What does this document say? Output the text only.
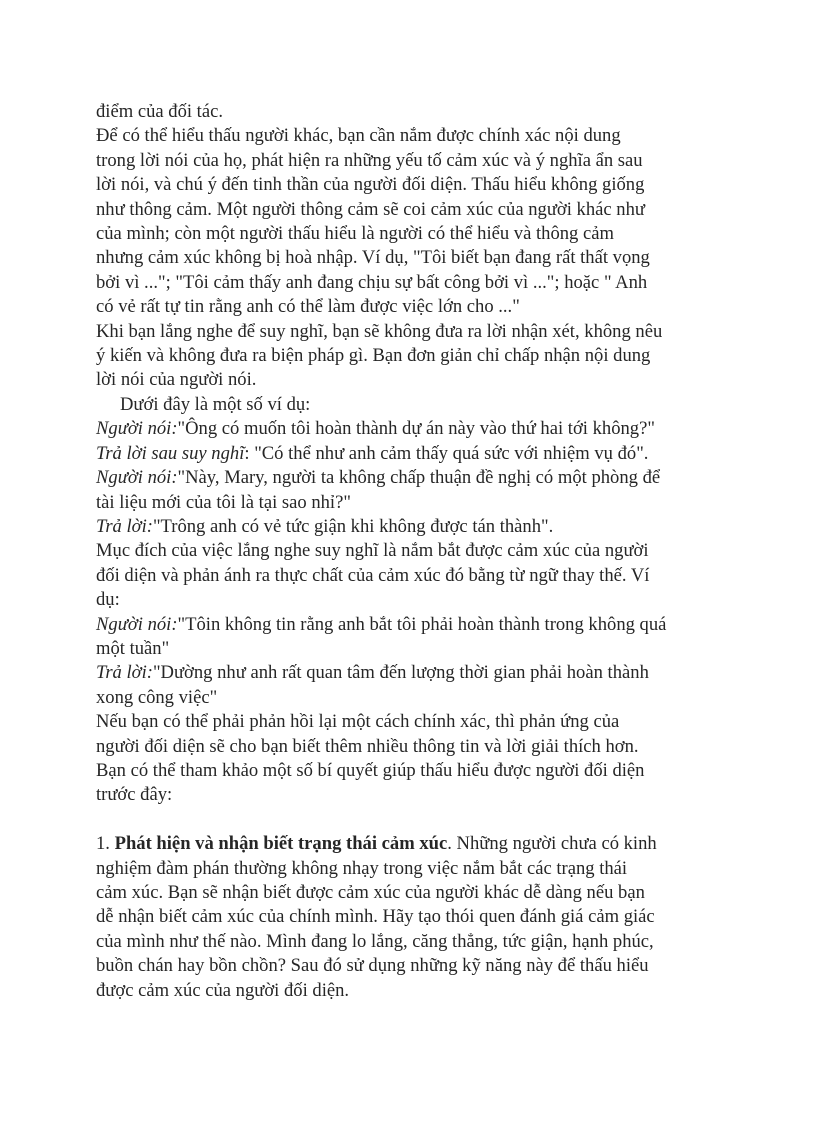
điểm của đối tác.
Để có thể hiểu thấu người khác, bạn cần nắm được chính xác nội dung
trong lời nói của họ, phát hiện ra những yếu tố cảm xúc và ý nghĩa ẩn sau
lời nói, và chú ý đến tinh thần của người đối diện. Thấu hiểu không giống
như thông cảm. Một người thông cảm sẽ coi cảm xúc của người khác như
của mình; còn một người thấu hiểu là người có thể hiểu và thông cảm
nhưng cảm xúc không bị hoà nhập. Ví dụ, "Tôi biết bạn đang rất thất vọng
bởi vì ..."; "Tôi cảm thấy anh đang chịu sự bất công bởi vì ..."; hoặc " Anh
có vẻ rất tự tin rằng anh có thể làm được việc lớn cho ..."
Khi bạn lắng nghe để suy nghĩ, bạn sẽ không đưa ra lời nhận xét, không nêu
ý kiến và không đưa ra biện pháp gì. Bạn đơn giản chỉ chấp nhận nội dung
lời nói của người nói.
Dưới đây là một số ví dụ:
Người nói:"Ông có muốn tôi hoàn thành dự án này vào thứ hai tới không?"
Trả lời sau suy nghĩ: "Có thể như anh cảm thấy quá sức với nhiệm vụ đó".
Người nói:"Này, Mary, người ta không chấp thuận đề nghị có một phòng để
tài liệu mới của tôi là tại sao nhỉ?"
Trả lời:"Trông anh có vẻ tức giận khi không được tán thành".
Mục đích của việc lắng nghe suy nghĩ là nắm bắt được cảm xúc của người
đối diện và phản ánh ra thực chất của cảm xúc đó bằng từ ngữ thay thế. Ví
dụ:
Người nói:"Tôin không tin rằng anh bắt tôi phải hoàn thành trong không quá
một tuần"
Trả lời:"Dường như anh rất quan tâm đến lượng thời gian phải hoàn thành
xong công việc"
Nếu bạn có thể phải phản hồi lại một cách chính xác, thì phản ứng của
người đối diện sẽ cho bạn biết thêm nhiều thông tin và lời giải thích hơn.
Bạn có thể tham khảo một số bí quyết giúp thấu hiểu được người đối diện
trước đây:
1. Phát hiện và nhận biết trạng thái cảm xúc. Những người chưa có kinh
nghiệm đàm phán thường không nhạy trong việc nắm bắt các trạng thái
cảm xúc. Bạn sẽ nhận biết được cảm xúc của người khác dễ dàng nếu bạn
dễ nhận biết cảm xúc của chính mình. Hãy tạo thói quen đánh giá cảm giác
của mình như thế nào. Mình đang lo lắng, căng thẳng, tức giận, hạnh phúc,
buồn chán hay bồn chồn? Sau đó sử dụng những kỹ năng này để thấu hiểu
được cảm xúc của người đối diện.
